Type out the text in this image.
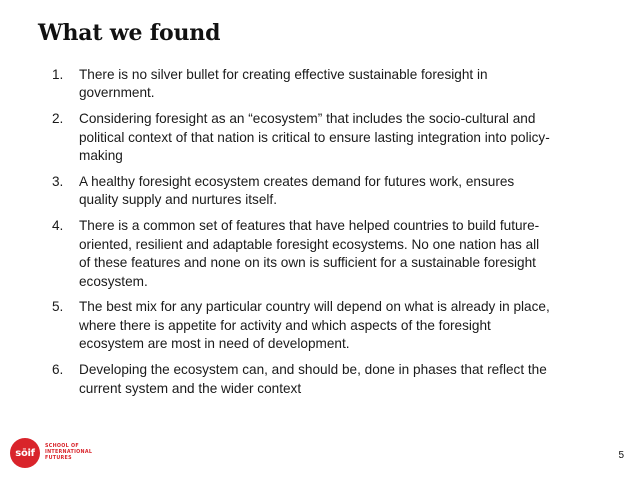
What we found
1.	There is no silver bullet for creating effective sustainable foresight in government.
2.	Considering foresight as an “ecosystem” that includes the socio-cultural and political context of that nation is critical to ensure lasting integration into policy-making
3.	A healthy foresight ecosystem creates demand for futures work, ensures quality supply and nurtures itself.
4.	There is a common set of features that have helped countries to build future-oriented, resilient and adaptable foresight ecosystems. No one nation has all of these features and none on its own is sufficient for a sustainable foresight ecosystem.
5.	The best mix for any particular country will depend on what is already in place, where there is appetite for activity and which aspects of the foresight ecosystem are most in need of development.
6.	Developing the ecosystem can, and should be, done in phases that reflect the current system and the wider context
sōif
SCHOOL OF
INTERNATIONAL
FUTURES	5
